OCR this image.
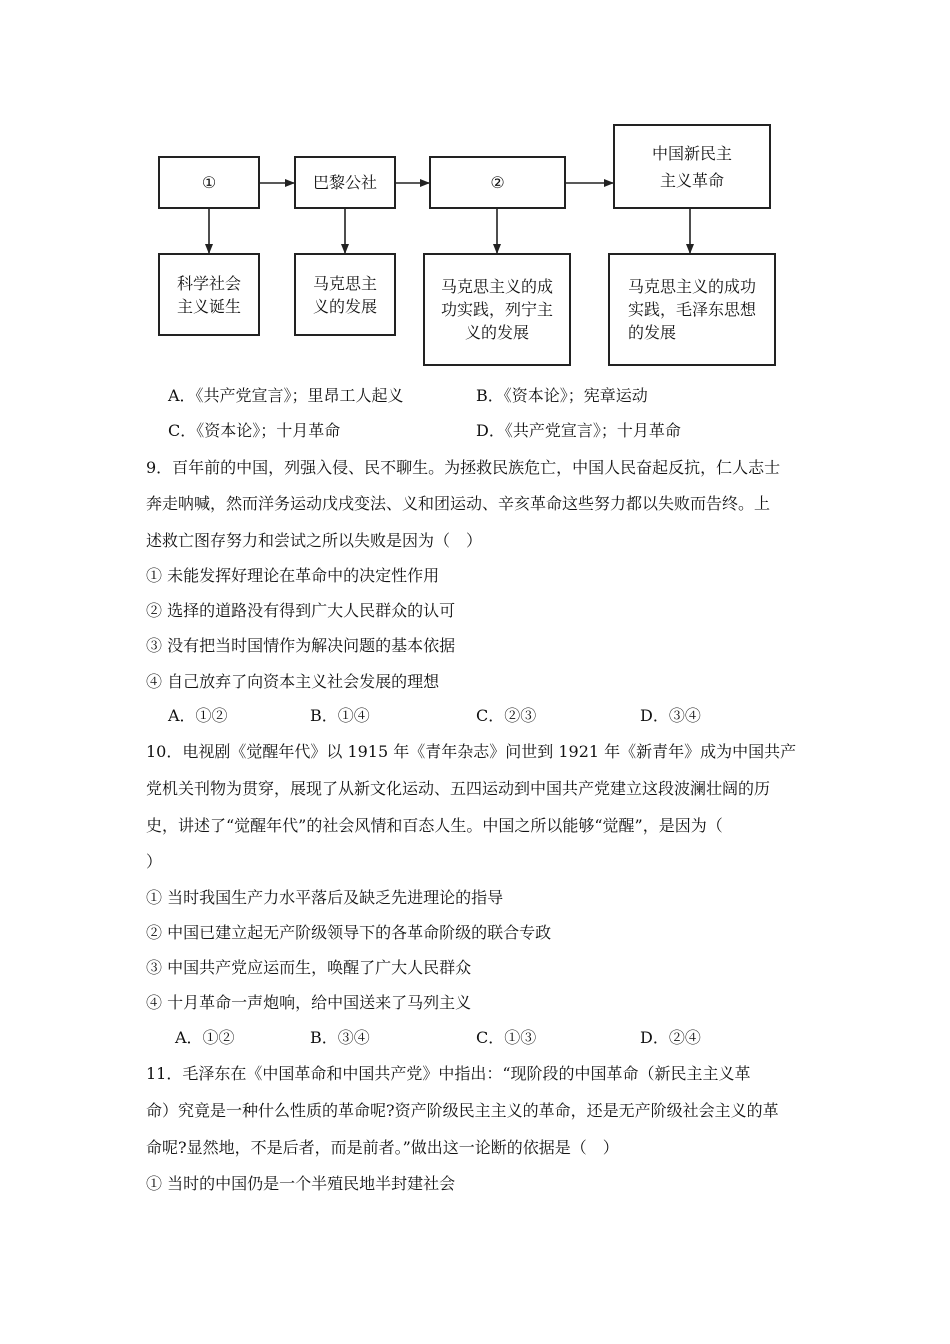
①	巴黎公社	②
中国新民主
主义革命
科学社会
主义诞生
马克思主
义的发展
马克思主义的成
功实践，列宁主
义的发展
马克思主义的成功
实践，毛泽东思想
的发展
A．《共产党宣言》；里昂工人起义	B．《资本论》；宪章运动
C．《资本论》；十月革命	D．《共产党宣言》；十月革命
9．百年前的中国，列强入侵、民不聊生。为拯救民族危亡，中国人民奋起反抗，仁人志士
奔走呐喊，然而洋务运动戊戌变法、义和团运动、辛亥革命这些努力都以失败而告终。上
述救亡图存努力和尝试之所以失败是因为（　）
① 未能发挥好理论在革命中的决定性作用
② 选择的道路没有得到广大人民群众的认可
③ 没有把当时国情作为解决问题的基本依据
④ 自己放弃了向资本主义社会发展的理想
A．①②	B．①④	C．②③	D．③④
10．电视剧《觉醒年代》以 1915 年《青年杂志》问世到 1921 年《新青年》成为中国共产
党机关刊物为贯穿，展现了从新文化运动、五四运动到中国共产党建立这段波澜壮阔的历
史，讲述了“觉醒年代”的社会风情和百态人生。中国之所以能够“觉醒”，是因为（
）
① 当时我国生产力水平落后及缺乏先进理论的指导
② 中国已建立起无产阶级领导下的各革命阶级的联合专政
③ 中国共产党应运而生，唤醒了广大人民群众
④ 十月革命一声炮响，给中国送来了马列主义
A．①②	B．③④	C．①③	D．②④
11．毛泽东在《中国革命和中国共产党》中指出：“现阶段的中国革命（新民主主义革
命）究竟是一种什么性质的革命呢?资产阶级民主主义的革命，还是无产阶级社会主义的革
命呢?显然地，不是后者，而是前者。”做出这一论断的依据是（　）
① 当时的中国仍是一个半殖民地半封建社会
